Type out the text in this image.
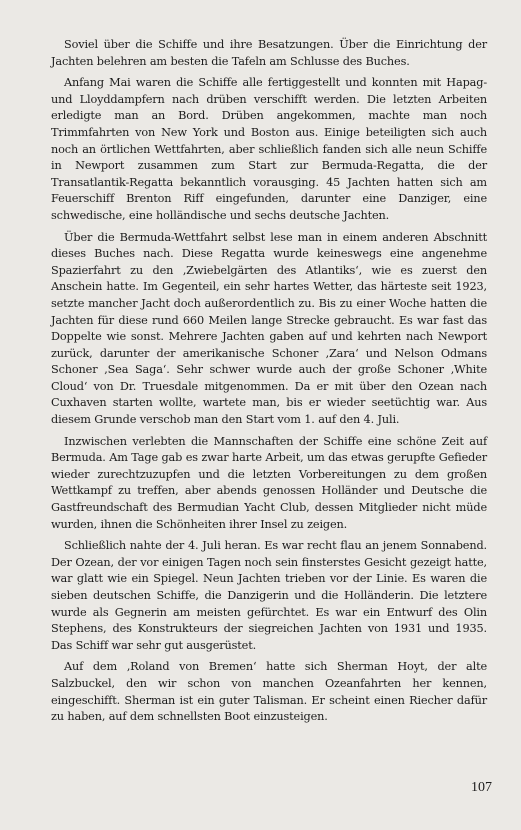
Soviel über die Schiffe und ihre Besatzungen. Über die Einrichtung der Jachten belehren am besten die Tafeln am Schlusse des Buches.

Anfang Mai waren die Schiffe alle fertiggestellt und konnten mit Hapag- und Lloyddampfern nach drüben verschifft werden. Die letzten Arbeiten erledigte man an Bord. Drüben angekommen, machte man noch Trimmfahrten von New York und Boston aus. Einige beteiligten sich auch noch an örtlichen Wettfahrten, aber schließlich fanden sich alle neun Schiffe in Newport zusammen zum Start zur Bermuda-Regatta, die der Transatlantik-Regatta bekanntlich vorausging. 45 Jachten hatten sich am Feuerschiff Brenton Riff eingefunden, darunter eine Danziger, eine schwedische, eine holländische und sechs deutsche Jachten.

Über die Bermuda-Wettfahrt selbst lese man in einem anderen Abschnitt dieses Buches nach. Diese Regatta wurde keineswegs eine angenehme Spazierfahrt zu den ‚Zwiebelgärten des Atlantiks‘, wie es zuerst den Anschein hatte. Im Gegenteil, ein sehr hartes Wetter, das härteste seit 1923, setzte mancher Jacht doch außerordentlich zu. Bis zu einer Woche hatten die Jachten für diese rund 660 Meilen lange Strecke gebraucht. Es war fast das Doppelte wie sonst. Mehrere Jachten gaben auf und kehrten nach Newport zurück, darunter der amerikanische Schoner ‚Zara‘ und Nelson Odmans Schoner ‚Sea Saga‘. Sehr schwer wurde auch der große Schoner ‚White Cloud‘ von Dr. Truesdale mitgenommen. Da er mit über den Ozean nach Cuxhaven starten wollte, wartete man, bis er wieder seetüchtig war. Aus diesem Grunde verschob man den Start vom 1. auf den 4. Juli.

Inzwischen verlebten die Mannschaften der Schiffe eine schöne Zeit auf Bermuda. Am Tage gab es zwar harte Arbeit, um das etwas gerupfte Gefieder wieder zurechtzuzupfen und die letzten Vorbereitungen zu dem großen Wettkampf zu treffen, aber abends genossen Holländer und Deutsche die Gastfreundschaft des Bermudian Yacht Club, dessen Mitglieder nicht müde wurden, ihnen die Schönheiten ihrer Insel zu zeigen.

Schließlich nahte der 4. Juli heran. Es war recht flau an jenem Sonnabend. Der Ozean, der vor einigen Tagen noch sein finsterstes Gesicht gezeigt hatte, war glatt wie ein Spiegel. Neun Jachten trieben vor der Linie. Es waren die sieben deutschen Schiffe, die Danzigerin und die Holländerin. Die letztere wurde als Gegnerin am meisten gefürchtet. Es war ein Entwurf des Olin Stephens, des Konstrukteurs der siegreichen Jachten von 1931 und 1935. Das Schiff war sehr gut ausgerüstet.

Auf dem ‚Roland von Bremen‘ hatte sich Sherman Hoyt, der alte Salzbuckel, den wir schon von manchen Ozeanfahrten her kennen, eingeschifft. Sherman ist ein guter Talisman. Er scheint einen Riecher dafür zu haben, auf dem schnellsten Boot einzusteigen.

107
